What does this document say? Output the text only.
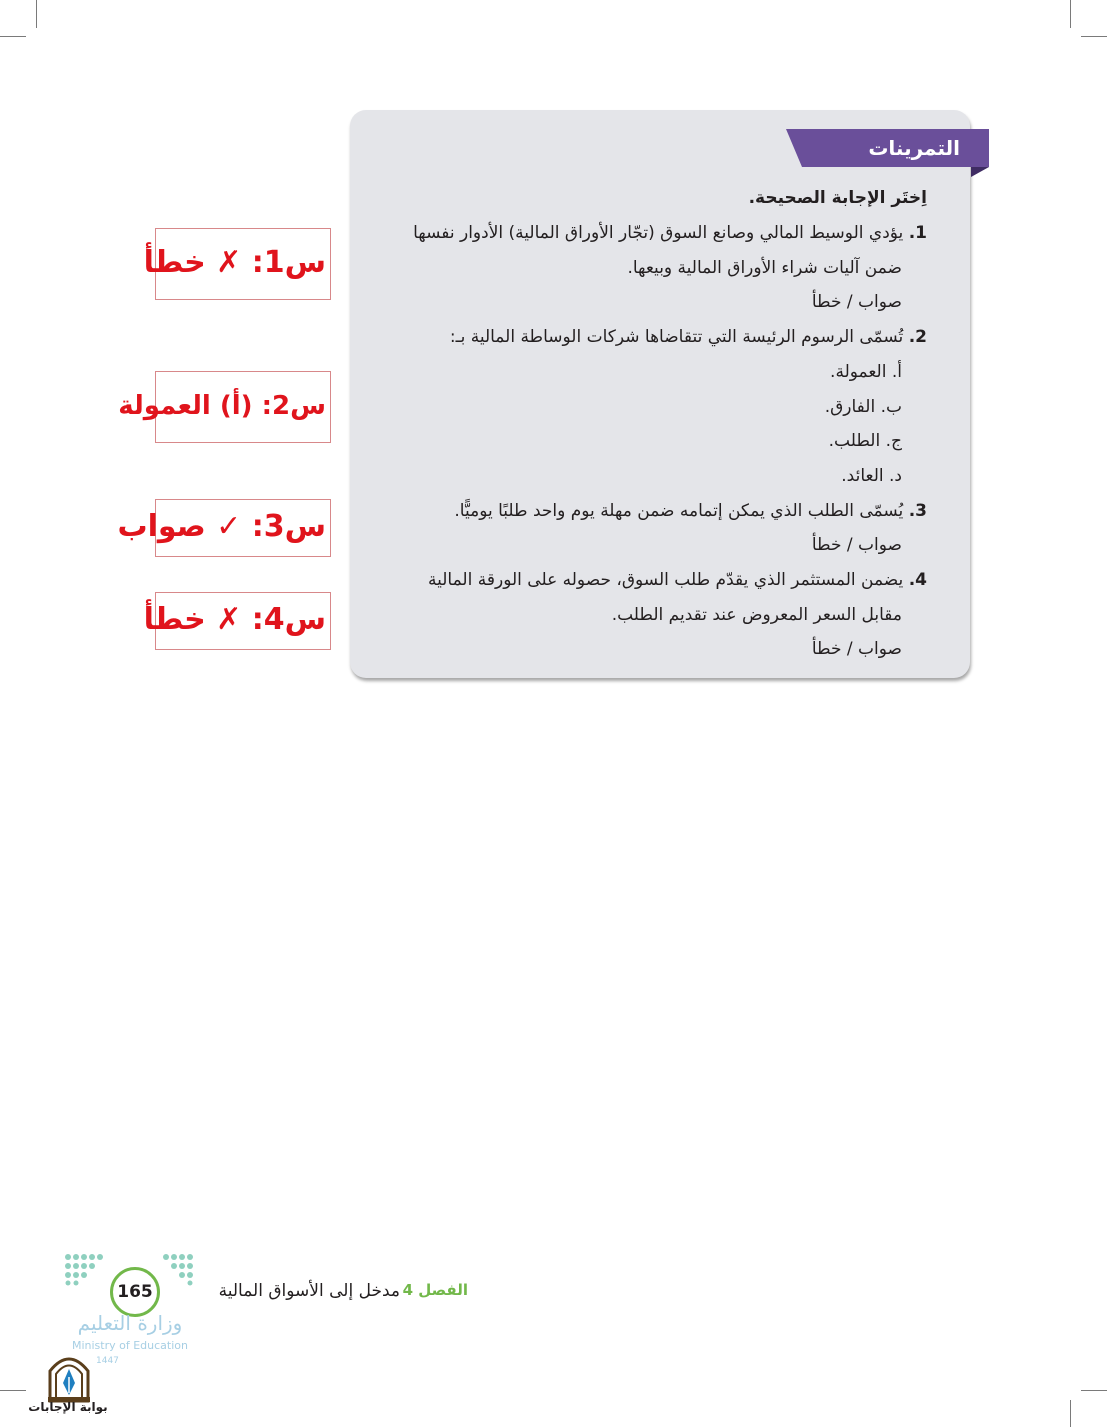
التمرينات
اِختَر الإجابة الصحيحة.
1. يؤدي الوسيط المالي وصانع السوق (تجّار الأوراق المالية) الأدوار نفسها
ضمن آليات شراء الأوراق المالية وبيعها.
صواب / خطأ
2. تُسمّى الرسوم الرئيسة التي تتقاضاها شركات الوساطة المالية بـ:
أ. العمولة.
ب. الفارق.
ج. الطلب.
د. العائد.
3. يُسمّى الطلب الذي يمكن إتمامه ضمن مهلة يوم واحد طلبًا يوميًّا.
صواب / خطأ
4. يضمن المستثمر الذي يقدّم طلب السوق، حصوله على الورقة المالية
مقابل السعر المعروض عند تقديم الطلب.
صواب / خطأ
س1: ✗ خطأ
س2: (أ) العمولة
س3: ✓ صواب
س4: ✗ خطأ
الفصل 4
مدخل إلى الأسواق المالية
165
وزارة التعليم
Ministry of Education
1447
بوابة الإجابات
